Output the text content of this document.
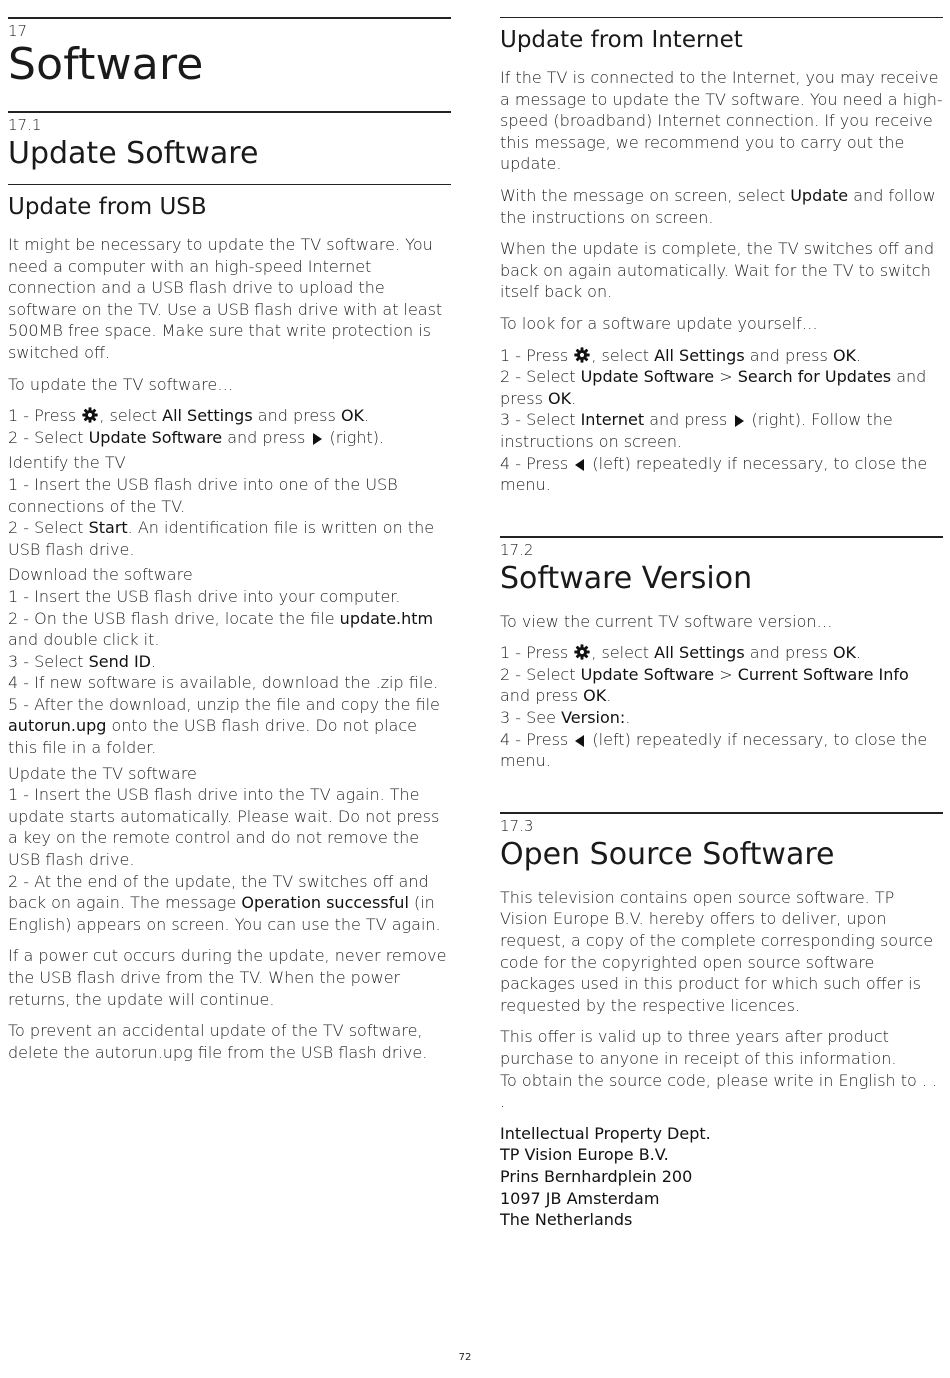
17
Software
17.1
Update Software
Update from USB

It might be necessary to update the TV software. You need a computer with an high-speed Internet connection and a USB flash drive to upload the software on the TV. Use a USB flash drive with at least 500MB free space. Make sure that write protection is switched off.

To update the TV software…

1 - Press , select All Settings and press OK.
2 - Select Update Software and press  (right).
Identify the TV
1 - Insert the USB flash drive into one of the USB connections of the TV.
2 - Select Start. An identification file is written on the USB flash drive.
Download the software
1 - Insert the USB flash drive into your computer.
2 - On the USB flash drive, locate the file update.htm and double click it.
3 - Select Send ID.
4 - If new software is available, download the .zip file.
5 - After the download, unzip the file and copy the file autorun.upg onto the USB flash drive. Do not place this file in a folder.
Update the TV software
1 - Insert the USB flash drive into the TV again. The update starts automatically. Please wait. Do not press a key on the remote control and do not remove the USB flash drive.
2 - At the end of the update, the TV switches off and back on again. The message Operation successful (in English) appears on screen. You can use the TV again.

If a power cut occurs during the update, never remove the USB flash drive from the TV. When the power returns, the update will continue.

To prevent an accidental update of the TV software, delete the autorun.upg file from the USB flash drive.

Update from Internet

If the TV is connected to the Internet, you may receive a message to update the TV software. You need a high-speed (broadband) Internet connection. If you receive this message, we recommend you to carry out the update.

With the message on screen, select Update and follow the instructions on screen.

When the update is complete, the TV switches off and back on again automatically. Wait for the TV to switch itself back on.

To look for a software update yourself…

1 - Press , select All Settings and press OK.
2 - Select Update Software > Search for Updates and press OK.
3 - Select Internet and press  (right). Follow the instructions on screen.
4 - Press  (left) repeatedly if necessary, to close the menu.
17.2
Software Version

To view the current TV software version…

1 - Press , select All Settings and press OK.
2 - Select Update Software > Current Software Info and press OK.
3 - See Version:.
4 - Press  (left) repeatedly if necessary, to close the menu.
17.3
Open Source Software

This television contains open source software. TP Vision Europe B.V. hereby offers to deliver, upon request, a copy of the complete corresponding source code for the copyrighted open source software packages used in this product for which such offer is requested by the respective licences.

This offer is valid up to three years after product purchase to anyone in receipt of this information.
To obtain the source code, please write in English to . . .
Intellectual Property Dept.
TP Vision Europe B.V.
Prins Bernhardplein 200
1097 JB Amsterdam
The Netherlands
72
